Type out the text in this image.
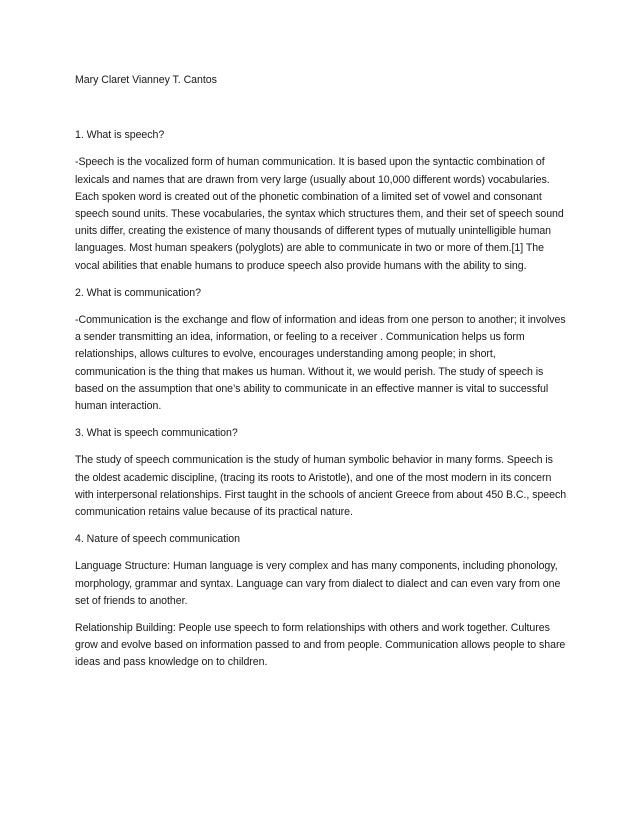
Mary Claret Vianney T. Cantos
1. What is speech?
-Speech is the vocalized form of human communication. It is based upon the syntactic combination of lexicals and names that are drawn from very large (usually about 10,000 different words) vocabularies. Each spoken word is created out of the phonetic combination of a limited set of vowel and consonant speech sound units. These vocabularies, the syntax which structures them, and their set of speech sound units differ, creating the existence of many thousands of different types of mutually unintelligible human languages. Most human speakers (polyglots) are able to communicate in two or more of them.[1] The vocal abilities that enable humans to produce speech also provide humans with the ability to sing.
2. What is communication?
-Communication is the exchange and flow of information and ideas from one person to another; it involves a sender transmitting an idea, information, or feeling to a receiver . Communication helps us form relationships, allows cultures to evolve, encourages understanding among people; in short, communication is the thing that makes us human. Without it, we would perish. The study of speech is based on the assumption that one’s ability to communicate in an effective manner is vital to successful human interaction.
3. What is speech communication?
The study of speech communication is the study of human symbolic behavior in many forms. Speech is the oldest academic discipline, (tracing its roots to Aristotle), and one of the most modern in its concern with interpersonal relationships. First taught in the schools of ancient Greece from about 450 B.C., speech communication retains value because of its practical nature.
4. Nature of speech communication
Language Structure: Human language is very complex and has many components, including phonology, morphology, grammar and syntax. Language can vary from dialect to dialect and can even vary from one set of friends to another.
Relationship Building: People use speech to form relationships with others and work together. Cultures grow and evolve based on information passed to and from people. Communication allows people to share ideas and pass knowledge on to children.
